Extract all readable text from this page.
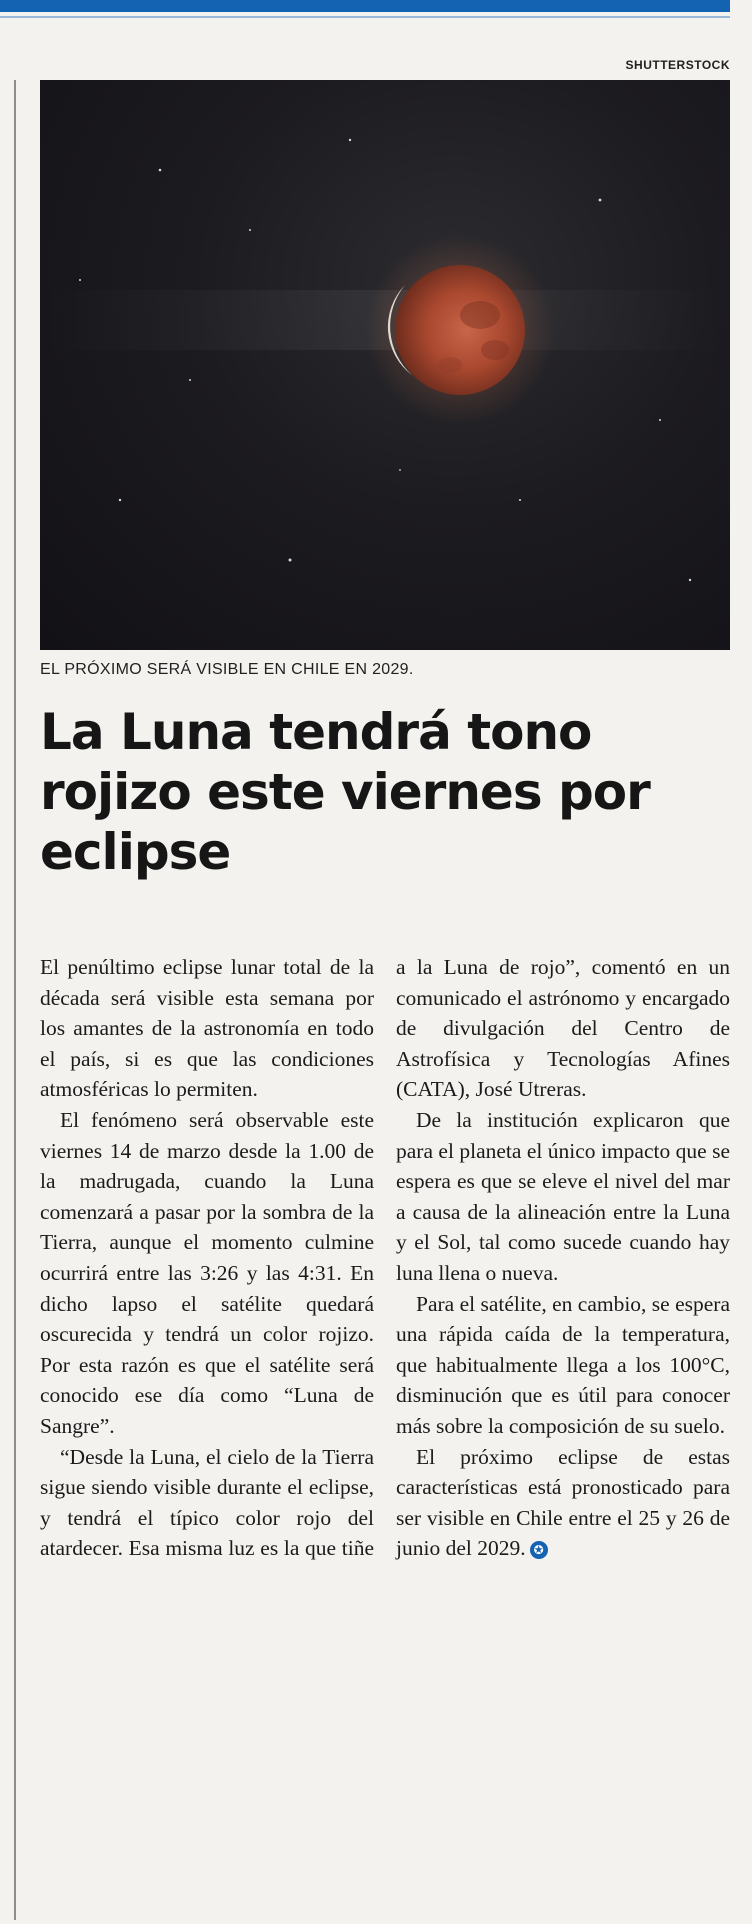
SHUTTERSTOCK
EL PRÓXIMO SERÁ VISIBLE EN CHILE EN 2029.
La Luna tendrá tono rojizo este viernes por eclipse

El penúltimo eclipse lunar total de la década será visible esta semana por los amantes de la astronomía en todo el país, si es que las condiciones atmosféricas lo permiten.

El fenómeno será observable este viernes 14 de marzo desde la 1.00 de la madrugada, cuando la Luna comenzará a pasar por la sombra de la Tierra, aunque el momento culmine ocurrirá entre las 3:26 y las 4:31. En dicho lapso el satélite quedará oscurecida y tendrá un color rojizo. Por esta razón es que el satélite será conocido ese día como “Luna de Sangre”.

“Desde la Luna, el cielo de la Tierra sigue siendo visible durante el eclipse, y tendrá el típico color rojo del atardecer. Esa misma luz es la que tiñe a la Luna de rojo”, comentó en un comunicado el astrónomo y encargado de divulgación del Centro de Astrofísica y Tecnologías Afines (CATA), José Utreras.

De la institución explicaron que para el planeta el único impacto que se espera es que se eleve el nivel del mar a causa de la alineación entre la Luna y el Sol, tal como sucede cuando hay luna llena o nueva.

Para el satélite, en cambio, se espera una rápida caída de la temperatura, que habitualmente llega a los 100°C, disminución que es útil para conocer más sobre la composición de su suelo.

El próximo eclipse de estas características está pronosticado para ser visible en Chile entre el 25 y 26 de junio del 2029. ✪
